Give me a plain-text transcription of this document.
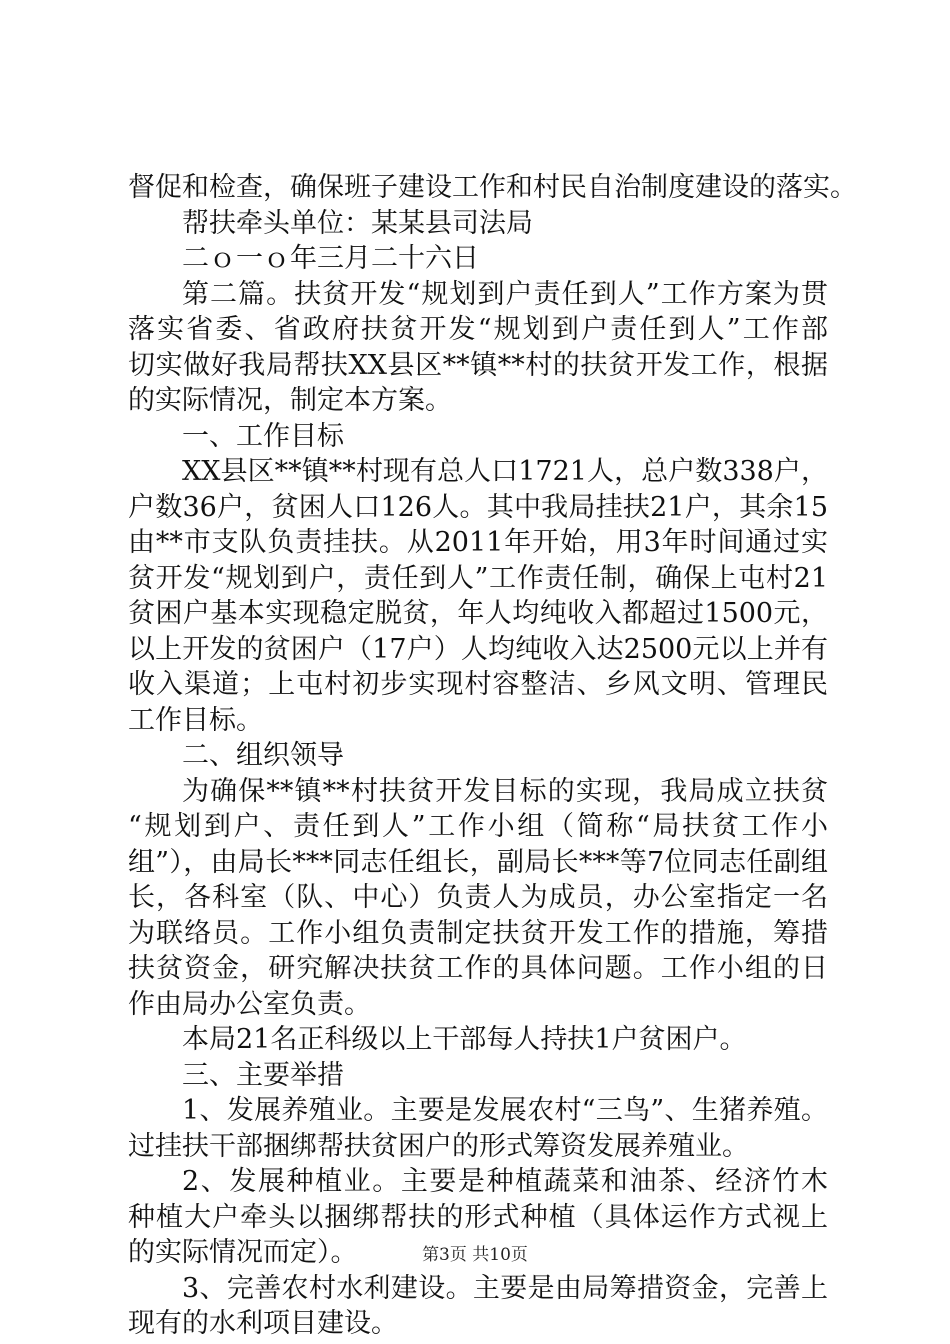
督促和检查，确保班子建设工作和村民自治制度建设的落实。
帮扶牵头单位：某某县司法局
二ｏ一ｏ年三月二十六日
第二篇。扶贫开发“规划到户责任到人”工作方案为贯
落实省委、省政府扶贫开发“规划到户责任到人”工作部
切实做好我局帮扶XX县区**镇**村的扶贫开发工作，根据
的实际情况，制定本方案。
一、工作目标
XX县区**镇**村现有总人口1721人，总户数338户，
户数36户，贫困人口126人。其中我局挂扶21户，其余15
由**市支队负责挂扶。从2011年开始，用3年时间通过实
贫开发“规划到户，责任到人”工作责任制，确保上屯村21
贫困户基本实现稳定脱贫，年人均纯收入都超过1500元，
以上开发的贫困户（17户）人均纯收入达2500元以上并有
收入渠道；上屯村初步实现村容整洁、乡风文明、管理民
工作目标。
二、组织领导
为确保**镇**村扶贫开发目标的实现，我局成立扶贫
“规划到户、责任到人”工作小组（简称“局扶贫工作小
组”），由局长***同志任组长，副局长***等7位同志任副组
长，各科室（队、中心）负责人为成员，办公室指定一名
为联络员。工作小组负责制定扶贫开发工作的措施，筹措
扶贫资金，研究解决扶贫工作的具体问题。工作小组的日
作由局办公室负责。
本局21名正科级以上干部每人持扶1户贫困户。
三、主要举措
1、发展养殖业。主要是发展农村“三鸟”、生猪养殖。
过挂扶干部捆绑帮扶贫困户的形式筹资发展养殖业。
2、发展种植业。主要是种植蔬菜和油茶、经济竹木
种植大户牵头以捆绑帮扶的形式种植（具体运作方式视上
的实际情况而定）。
3、完善农村水利建设。主要是由局筹措资金，完善上
现有的水利项目建设。
第3页 共10页
